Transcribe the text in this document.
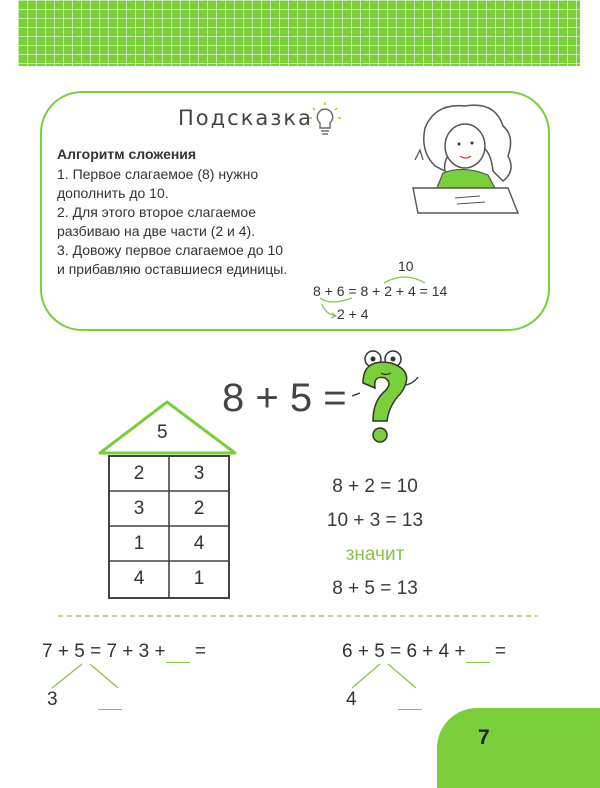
Подсказка
Алгоритм сложения
1. Первое слагаемое (8) нужно
дополнить до 10.
2. Для этого второе слагаемое
разбиваю на две части (2 и 4).
3. Довожу первое слагаемое до 10
и прибавляю оставшиеся единицы.	10
8 + 6 = 8 + 2 + 4 = 14
2 + 4
8 + 5 =
5
2	3
3	2
1	4
4	1
8 + 2 = 10
10 + 3 = 13
значит
8 + 5 = 13
7 + 5 = 7 + 3 + =
3
6 + 5 = 6 + 4 + =
4
7
